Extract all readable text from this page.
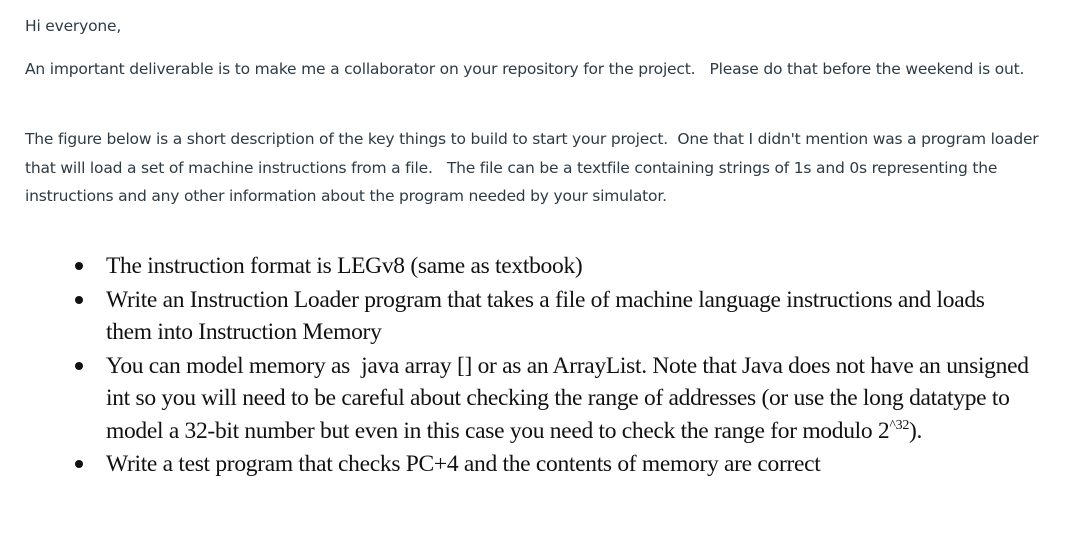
Hi everyone,

An important deliverable is to make me a collaborator on your repository for the project.   Please do that before the weekend is out.

The figure below is a short description of the key things to build to start your project.  One that I didn't mention was a program loader that will load a set of machine instructions from a file.   The file can be a textfile containing strings of 1s and 0s representing the instructions and any other information about the program needed by your simulator.

The instruction format is LEGv8 (same as textbook)
Write an Instruction Loader program that takes a file of machine language instructions and loads them into Instruction Memory
You can model memory as  java array [] or as an ArrayList. Note that Java does not have an unsigned int so you will need to be careful about checking the range of addresses (or use the long datatype to model a 32-bit number but even in this case you need to check the range for modulo $2^{\^{}32}$).
Write a test program that checks PC+4 and the contents of memory are correct
